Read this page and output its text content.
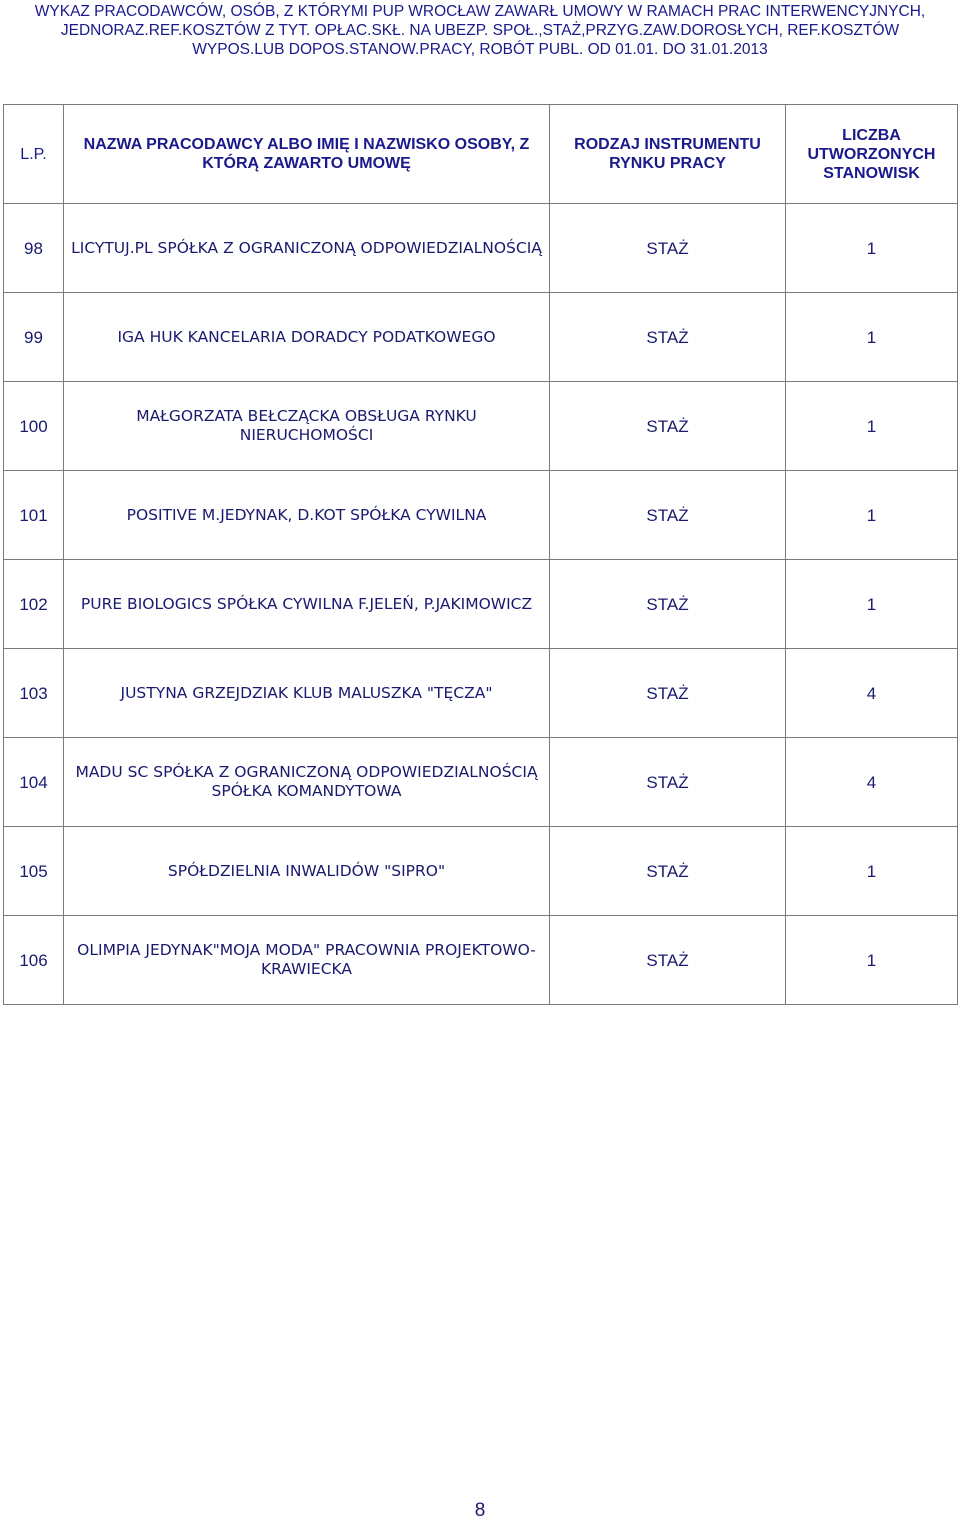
WYKAZ PRACODAWCÓW, OSÓB, Z KTÓRYMI PUP WROCŁAW ZAWARŁ UMOWY W RAMACH PRAC INTERWENCYJNYCH,
JEDNORAZ.REF.KOSZTÓW Z TYT. OPŁAC.SKŁ. NA UBEZP. SPOŁ.,STAŻ,PRZYG.ZAW.DOROSŁYCH, REF.KOSZTÓW
WYPOS.LUB DOPOS.STANOW.PRACY, ROBÓT PUBL. OD 01.01. DO 31.01.2013
L.P.	NAZWA PRACODAWCY ALBO IMIĘ I NAZWISKO OSOBY, Z KTÓRĄ ZAWARTO UMOWĘ	RODZAJ INSTRUMENTU RYNKU PRACY	LICZBA UTWORZONYCH STANOWISK
98	LICYTUJ.PL SPÓŁKA Z OGRANICZONĄ ODPOWIEDZIALNOŚCIĄ	STAŻ	1
99	IGA HUK KANCELARIA DORADCY PODATKOWEGO	STAŻ	1
100	MAŁGORZATA BEŁCZĄCKA OBSŁUGA RYNKU NIERUCHOMOŚCI	STAŻ	1
101	POSITIVE M.JEDYNAK, D.KOT SPÓŁKA CYWILNA	STAŻ	1
102	PURE BIOLOGICS SPÓŁKA CYWILNA F.JELEŃ, P.JAKIMOWICZ	STAŻ	1
103	JUSTYNA GRZEJDZIAK KLUB MALUSZKA "TĘCZA"	STAŻ	4
104	MADU SC SPÓŁKA Z OGRANICZONĄ ODPOWIEDZIALNOŚCIĄ SPÓŁKA KOMANDYTOWA	STAŻ	4
105	SPÓŁDZIELNIA INWALIDÓW "SIPRO"	STAŻ	1
106	OLIMPIA JEDYNAK"MOJA MODA" PRACOWNIA PROJEKTOWO-KRAWIECKA	STAŻ	1
8
